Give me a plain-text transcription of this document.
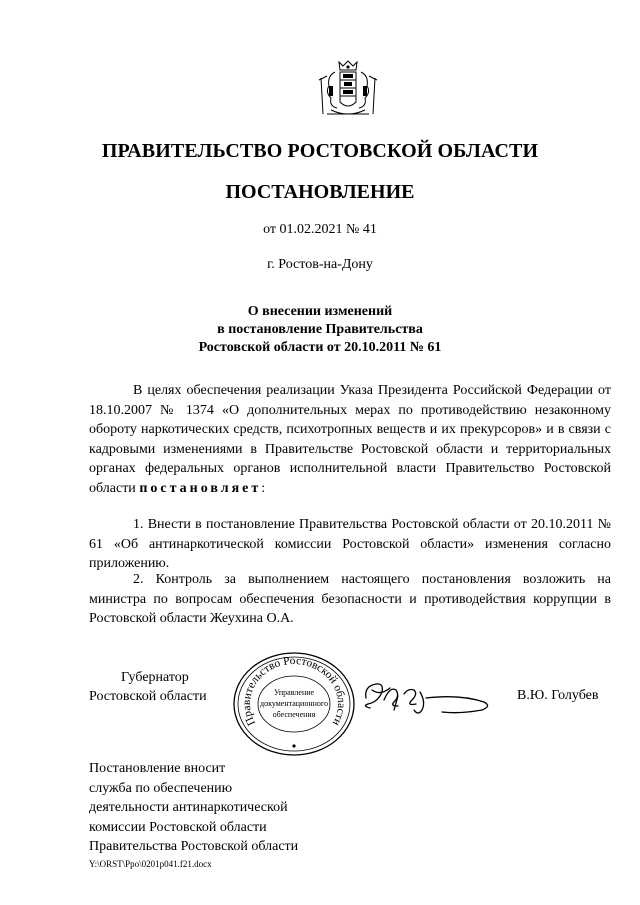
ПРАВИТЕЛЬСТВО РОСТОВСКОЙ ОБЛАСТИ
ПОСТАНОВЛЕНИЕ
от 01.02.2021 № 41
г. Ростов-на-Дону
О внесении изменений
в постановление Правительства
Ростовской области от 20.10.2011 № 61
В целях обеспечения реализации Указа Президента Российской Федерации от 18.10.2007 № 1374 «О дополнительных мерах по противодействию незаконному обороту наркотических средств, психотропных веществ и их прекурсоров» и в связи с кадровыми изменениями в Правительстве Ростовской области и территориальных органах федеральных органов исполнительной власти Правительство Ростовской области постановляет:
1. Внести в постановление Правительства Ростовской области от 20.10.2011 № 61 «Об антинаркотической комиссии Ростовской области» изменения согласно приложению.
2. Контроль за выполнением настоящего постановления возложить на министра по вопросам обеспечения безопасности и противодействия коррупции в Ростовской области Жеухина О.А.
Губернатор
Ростовской области
Правительство Ростовской области
Управление
документационного
обеспечения
В.Ю. Голубев
Постановление вносит
служба по обеспечению
деятельности антинаркотической
комиссии Ростовской области
Правительства Ростовской области
Y:\ORST\Ppo\0201p041.f21.docx
